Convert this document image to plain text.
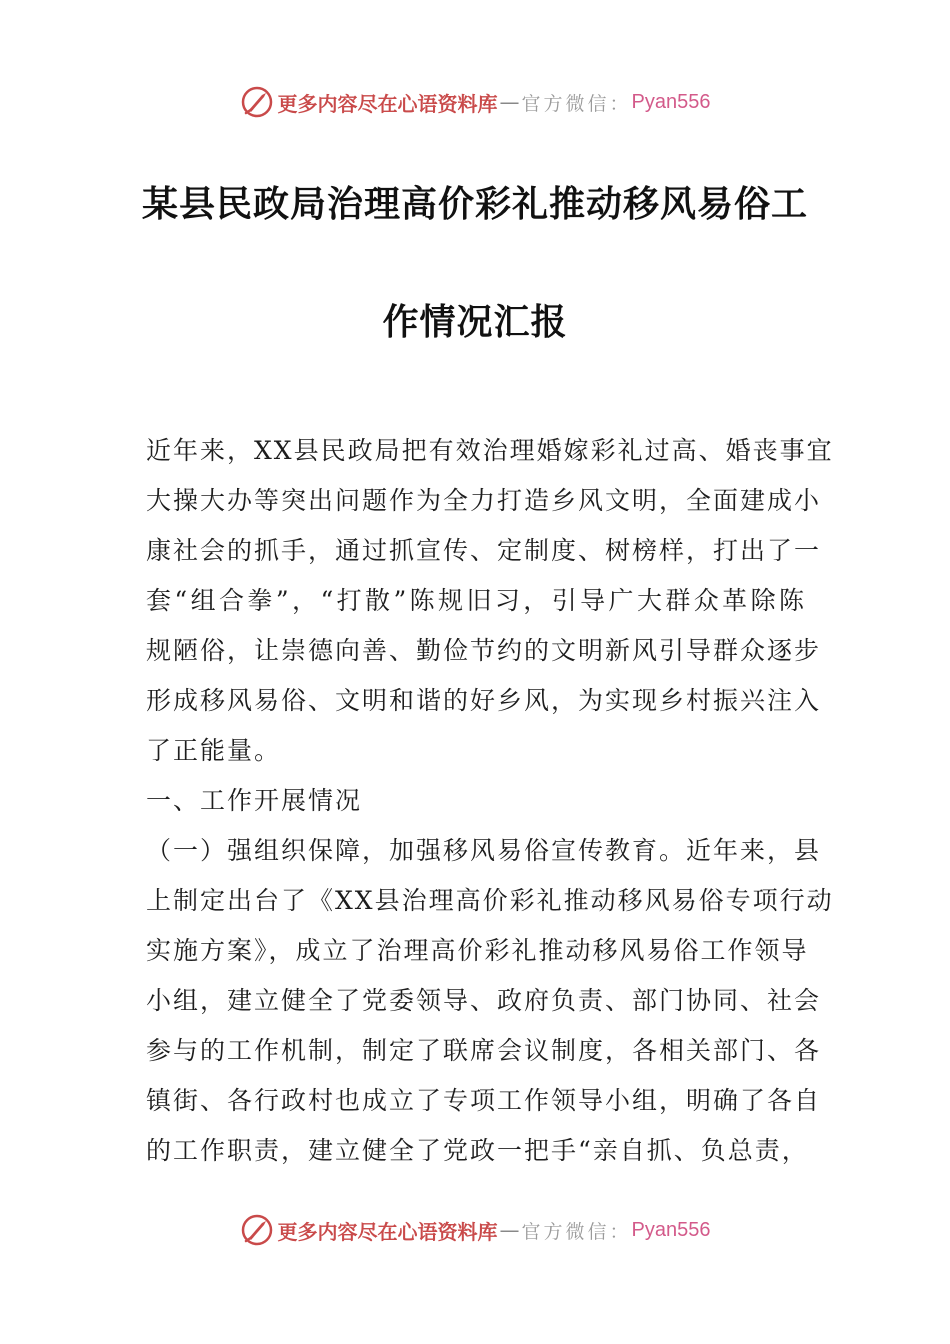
更多内容尽在心语资料库 — 官方微信： Pyan556
某县民政局治理高价彩礼推动移风易俗工
作情况汇报
近年来，XX县民政局把有效治理婚嫁彩礼过高、婚丧事宜
大操大办等突出问题作为全力打造乡风文明，全面建成小
康社会的抓手，通过抓宣传、定制度、树榜样，打出了一
套“组合拳”，“打散”陈规旧习，引导广大群众革除陈
规陋俗，让崇德向善、勤俭节约的文明新风引导群众逐步
形成移风易俗、文明和谐的好乡风，为实现乡村振兴注入
了正能量。
一、工作开展情况
（一）强组织保障，加强移风易俗宣传教育。近年来，县
上制定出台了《XX县治理高价彩礼推动移风易俗专项行动
实施方案》，成立了治理高价彩礼推动移风易俗工作领导
小组，建立健全了党委领导、政府负责、部门协同、社会
参与的工作机制，制定了联席会议制度，各相关部门、各
镇街、各行政村也成立了专项工作领导小组，明确了各自
的工作职责，建立健全了党政一把手“亲自抓、负总责，
更多内容尽在心语资料库 — 官方微信： Pyan556
